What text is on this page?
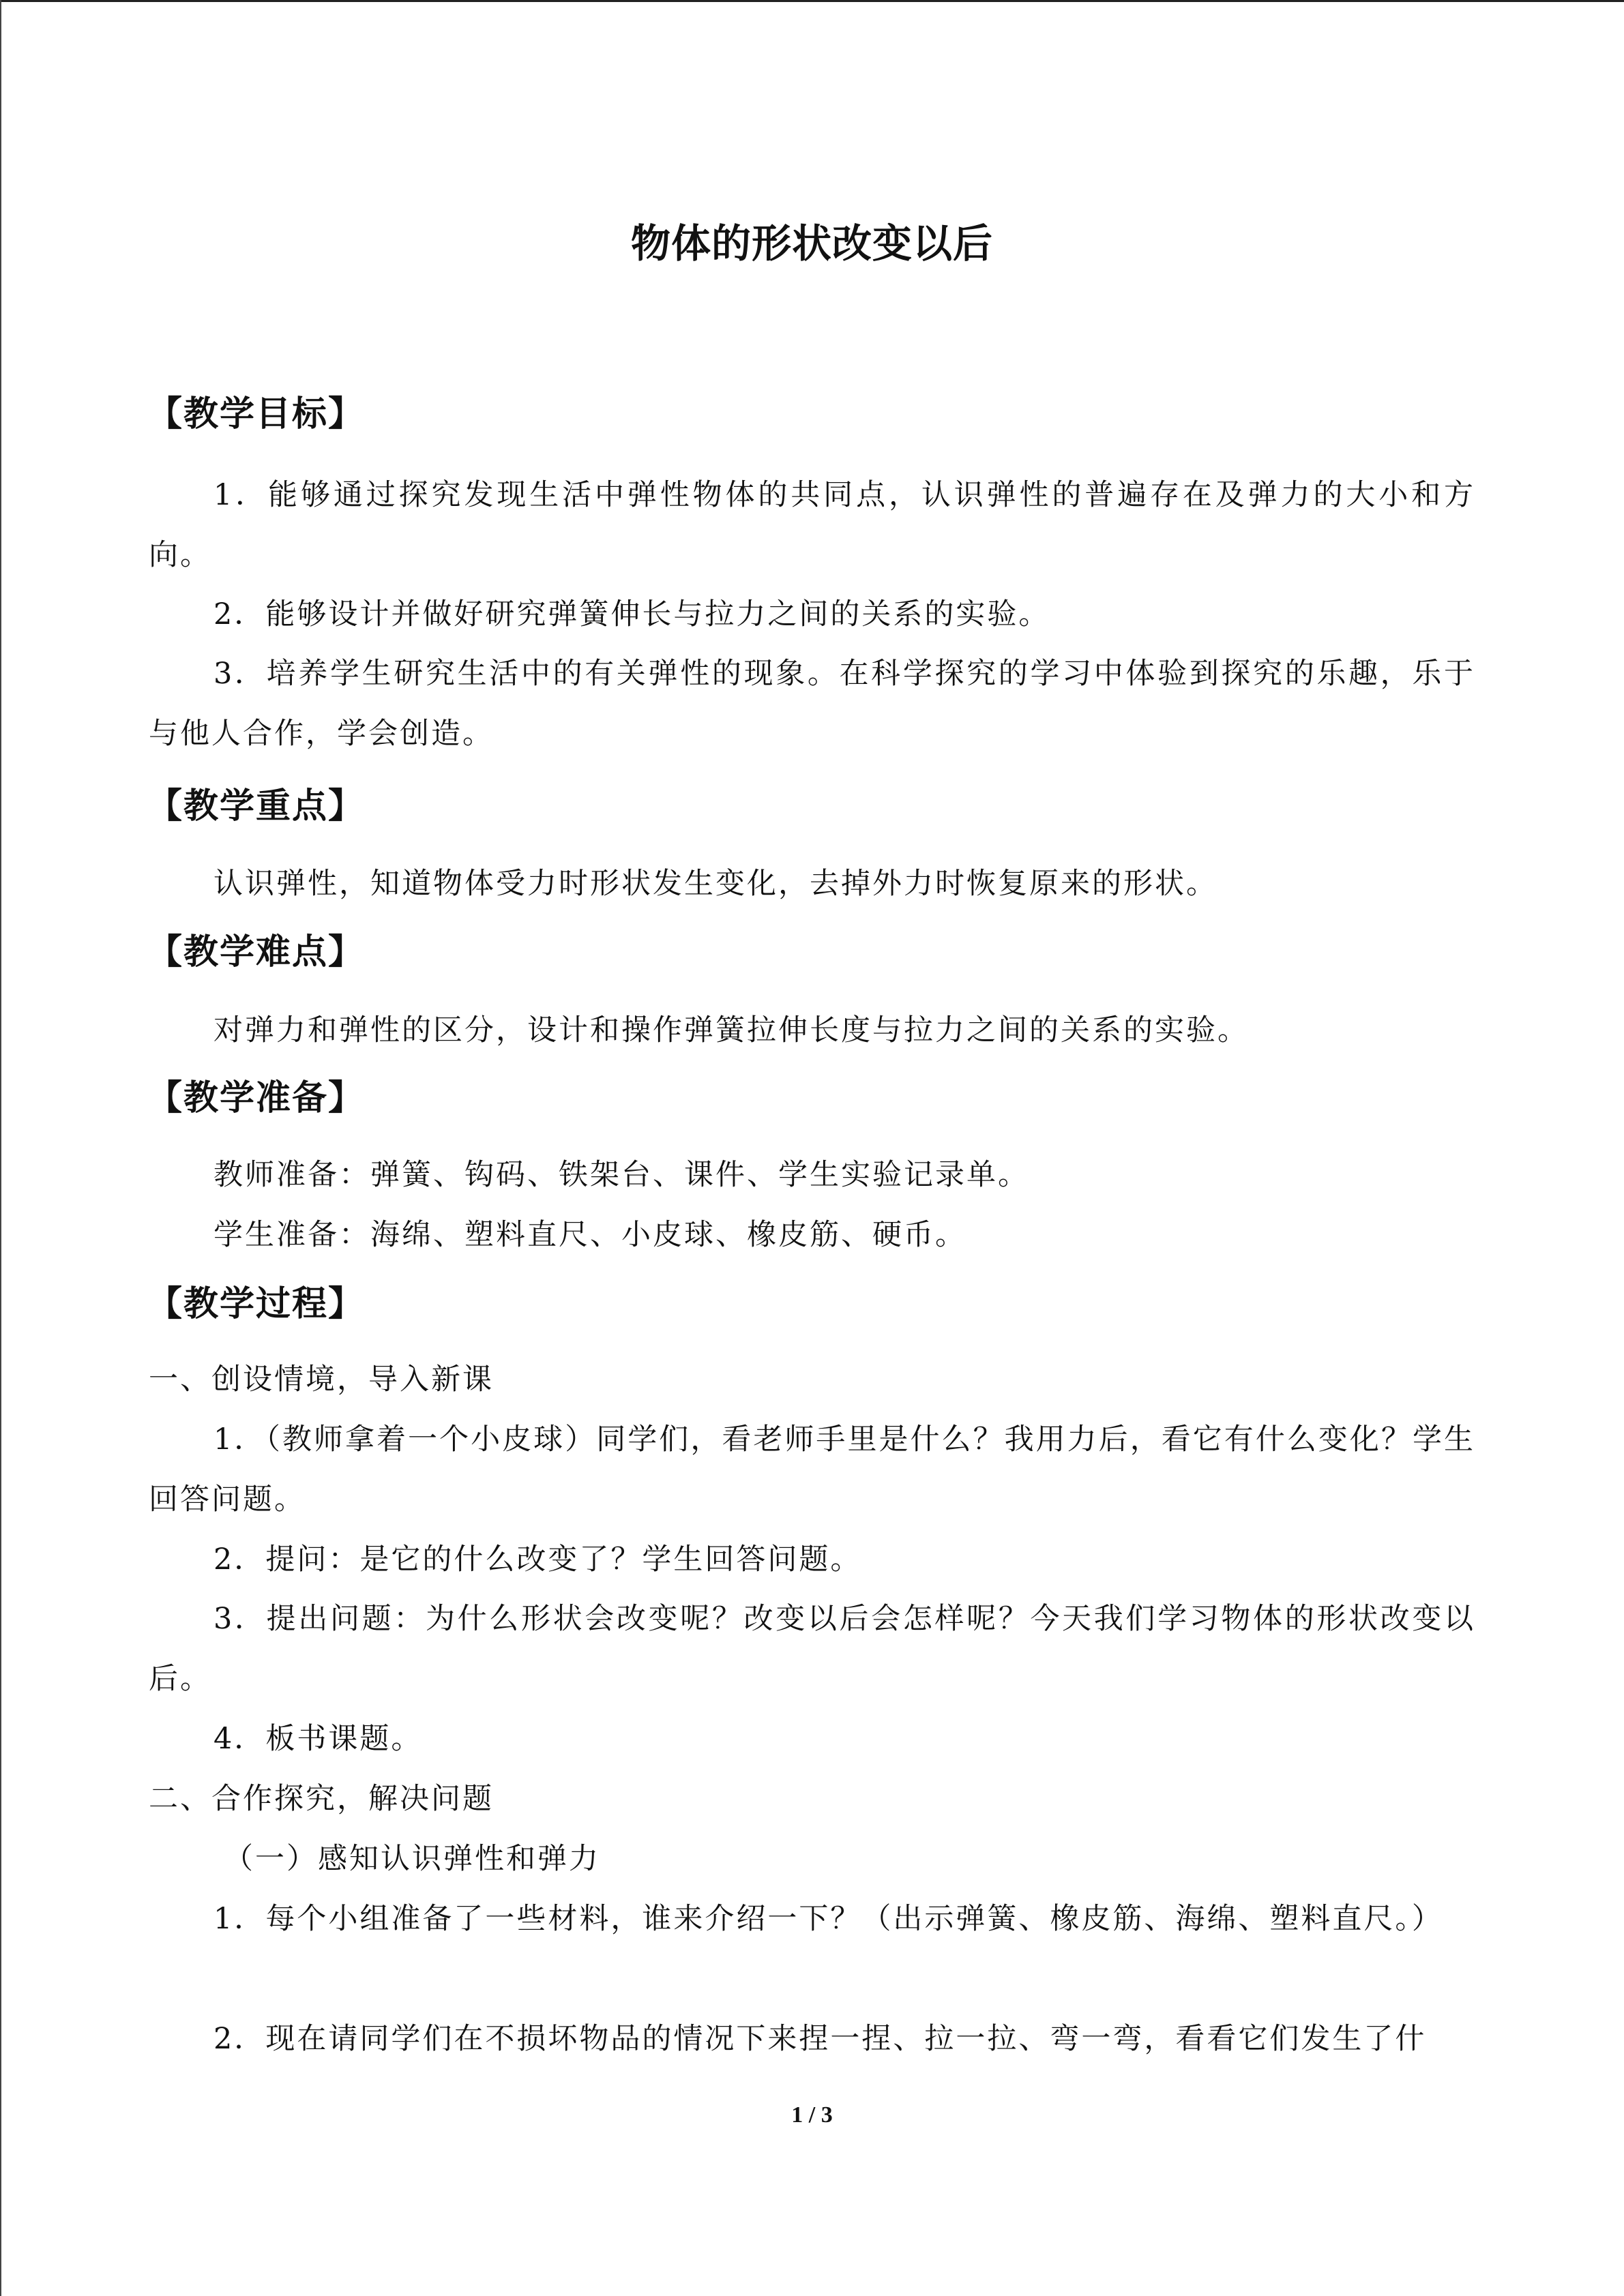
物体的形状改变以后
【教学目标】
1．能够通过探究发现生活中弹性物体的共同点，认识弹性的普遍存在及弹力的大小和方向。
2．能够设计并做好研究弹簧伸长与拉力之间的关系的实验。
3．培养学生研究生活中的有关弹性的现象。在科学探究的学习中体验到探究的乐趣，乐于与他人合作，学会创造。
【教学重点】
认识弹性，知道物体受力时形状发生变化，去掉外力时恢复原来的形状。
【教学难点】
对弹力和弹性的区分，设计和操作弹簧拉伸长度与拉力之间的关系的实验。
【教学准备】
教师准备：弹簧、钩码、铁架台、课件、学生实验记录单。
学生准备：海绵、塑料直尺、小皮球、橡皮筋、硬币。
【教学过程】
一、创设情境，导入新课
1．（教师拿着一个小皮球）同学们，看老师手里是什么？我用力后，看它有什么变化？学生回答问题。
2．提问：是它的什么改变了？学生回答问题。
3．提出问题：为什么形状会改变呢？改变以后会怎样呢？今天我们学习物体的形状改变以后。
4．板书课题。
二、合作探究，解决问题
（一）感知认识弹性和弹力
1．每个小组准备了一些材料，谁来介绍一下？（出示弹簧、橡皮筋、海绵、塑料直尺。）
2．现在请同学们在不损坏物品的情况下来捏一捏、拉一拉、弯一弯，看看它们发生了什
1 / 3
